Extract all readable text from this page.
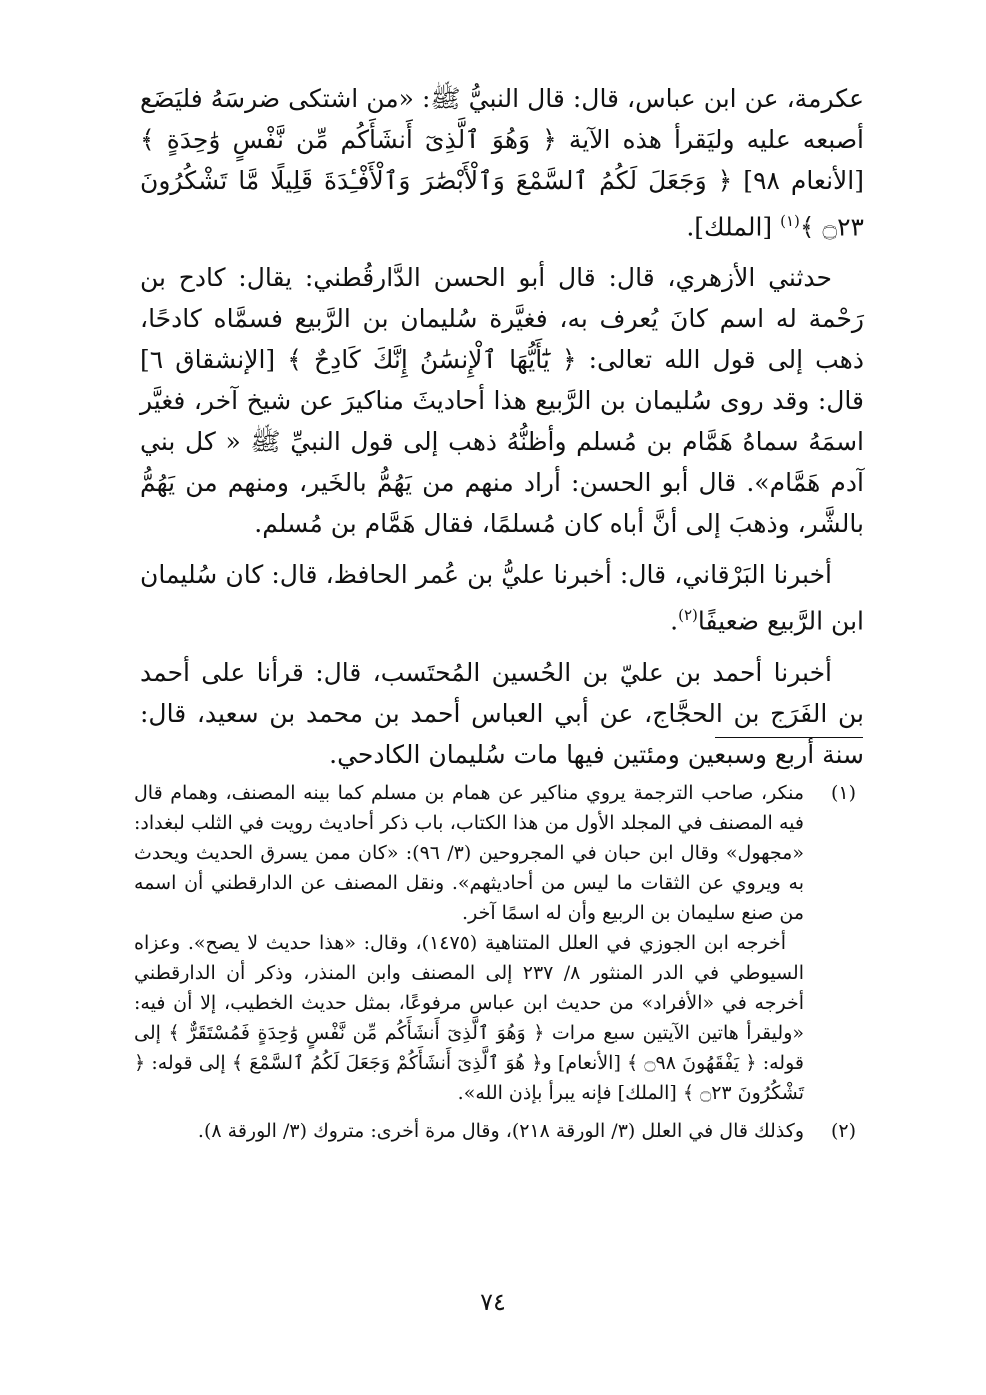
عكرمة، عن ابن عباس، قال: قال النبيُّ ﷺ: «من اشتكى ضرسَهُ فليَضَع أصبعه عليه وليَقرأ هذه الآية ﴿ وَهُوَ ٱلَّذِىٓ أَنشَأَكُم مِّن نَّفْسٍ وَٰحِدَةٍ ﴾ [الأنعام ٩٨] ﴿ وَجَعَلَ لَكُمُ ٱلسَّمْعَ وَٱلْأَبْصَٰرَ وَٱلْأَفْـِٔدَةَ قَلِيلًا مَّا تَشْكُرُونَ ۝٢٣ ﴾$^{(١)}$ [الملك].

حدثني الأزهري، قال: قال أبو الحسن الدَّارقُطني: يقال: كادح بن رَحْمة له اسم كانَ يُعرف به، فغيَّرة سُليمان بن الرَّبيع فسمَّاه كادحًا، ذهب إلى قول الله تعالى: ﴿ يَٰٓأَيُّهَا ٱلْإِنسَٰنُ إِنَّكَ كَادِحٌ ﴾ [الإنشقاق ٦] قال: وقد روى سُليمان بن الرَّبيع هذا أحاديثَ مناكيرَ عن شيخ آخر، فغيَّر اسمَهُ سماهُ هَمَّام بن مُسلم وأظنُّهُ ذهب إلى قول النبيِّ ﷺ « كل بني آدم هَمَّام». قال أبو الحسن: أراد منهم من يَهُمُّ بالخَير، ومنهم من يَهُمُّ بالشَّر، وذهبَ إلى أنَّ أباه كان مُسلمًا، فقال هَمَّام بن مُسلم.

أخبرنا البَرْقاني، قال: أخبرنا عليُّ بن عُمر الحافظ، قال: كان سُليمان ابن الرَّبيع ضعيفًا$^{(٢)}$.

أخبرنا أحمد بن عليّ بن الحُسين المُحتَسب، قال: قرأنا على أحمد بن الفَرَج بن الحجَّاج، عن أبي العباس أحمد بن محمد بن سعيد، قال: سنة أربع وسبعين ومئتين فيها مات سُليمان الكادحي.

(١)

منكر، صاحب الترجمة يروي مناكير عن همام بن مسلم كما بينه المصنف، وهمام قال فيه المصنف في المجلد الأول من هذا الكتاب، باب ذكر أحاديث رويت في الثلب لبغداد: «مجهول» وقال ابن حبان في المجروحين (٣/ ٩٦): «كان ممن يسرق الحديث ويحدث به ويروي عن الثقات ما ليس من أحاديثهم». ونقل المصنف عن الدارقطني أن اسمه من صنع سليمان بن الربيع وأن له اسمًا آخر.

أخرجه ابن الجوزي في العلل المتناهية (١٤٧٥)، وقال: «هذا حديث لا يصح». وعزاه السيوطي في الدر المنثور ٨/ ٢٣٧ إلى المصنف وابن المنذر، وذكر أن الدارقطني أخرجه في «الأفراد» من حديث ابن عباس مرفوعًا، بمثل حديث الخطيب، إلا أن فيه: «وليقرأ هاتين الآيتين سبع مرات ﴿ وَهُوَ ٱلَّذِىٓ أَنشَأَكُم مِّن نَّفْسٍ وَٰحِدَةٍ فَمُسْتَقَرٌّ ﴾ إلى قوله: ﴿ يَفْقَهُونَ ۝٩٨ ﴾ [الأنعام] و﴿ هُوَ ٱلَّذِىٓ أَنشَأَكُمْ وَجَعَلَ لَكُمُ ٱلسَّمْعَ ﴾ إلى قوله: ﴿ تَشْكُرُونَ ۝٢٣ ﴾ [الملك] فإنه يبرأ بإذن الله».

(٢)

وكذلك قال في العلل (٣/ الورقة ٢١٨)، وقال مرة أخرى: متروك (٣/ الورقة ٨).

٧٤
